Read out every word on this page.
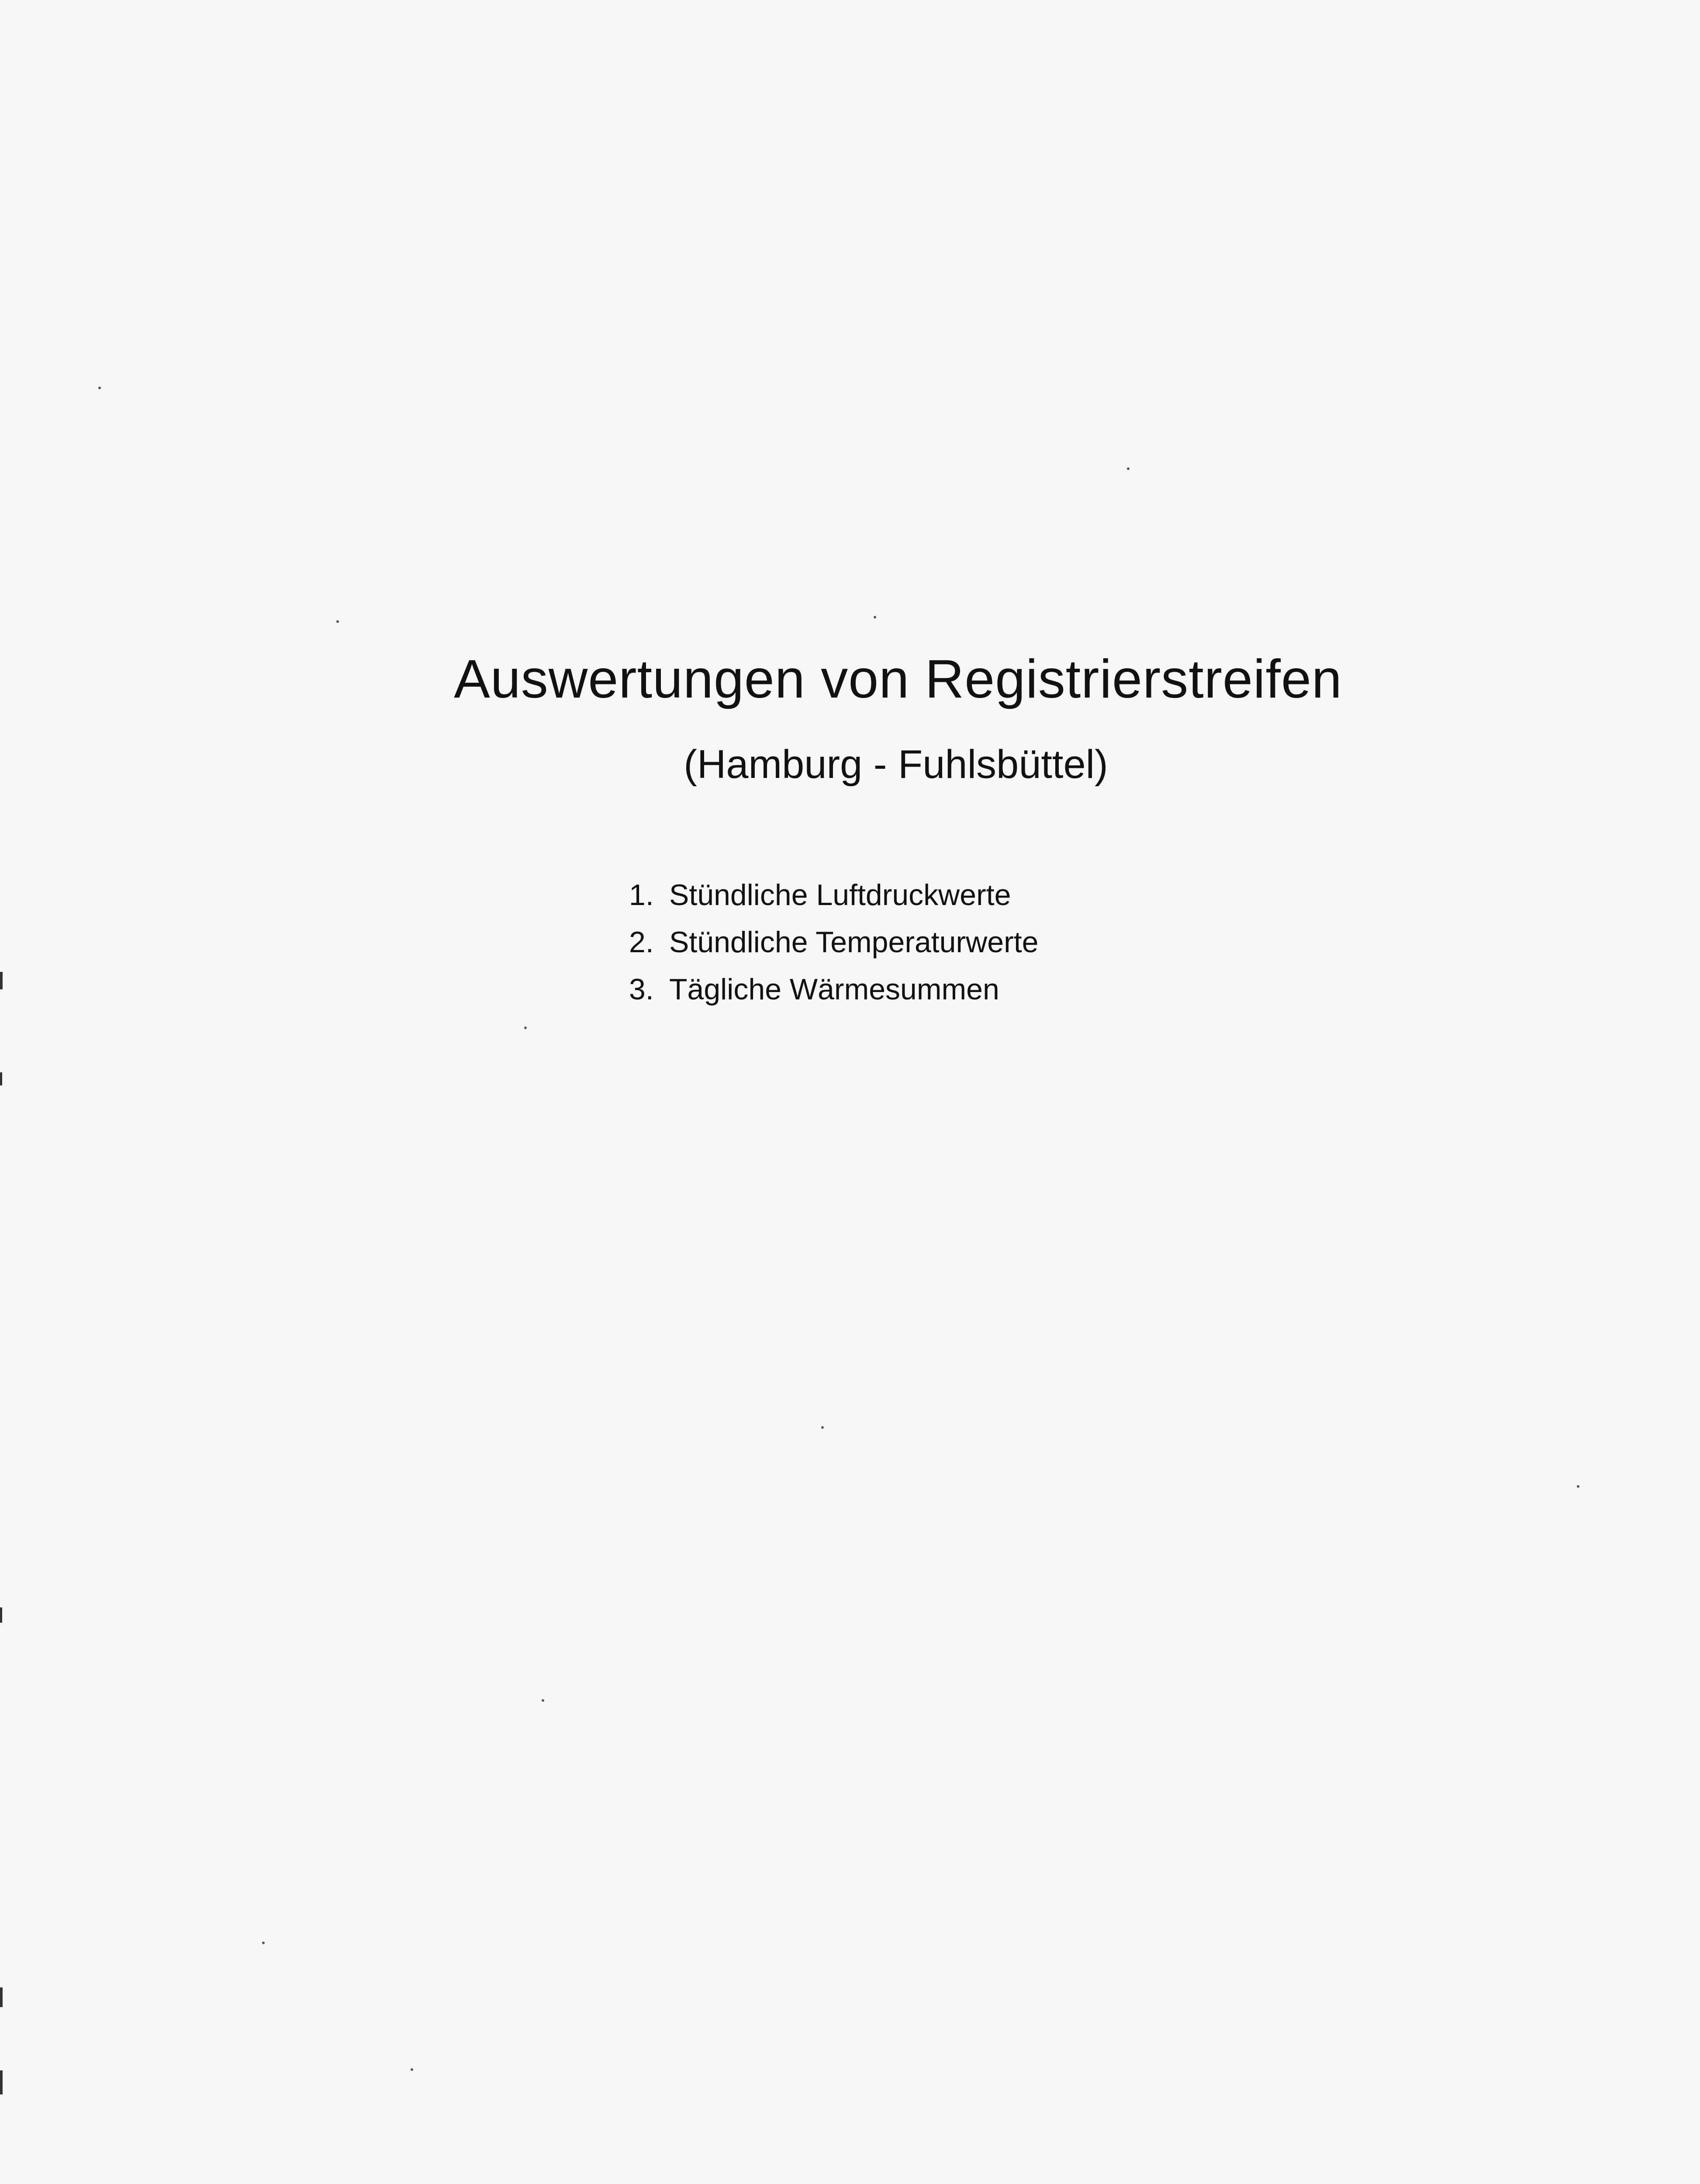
Auswertungen von Registrierstreifen
(Hamburg - Fuhlsbüttel)
1. Stündliche Luftdruckwerte
2. Stündliche Temperaturwerte
3. Tägliche Wärmesummen
